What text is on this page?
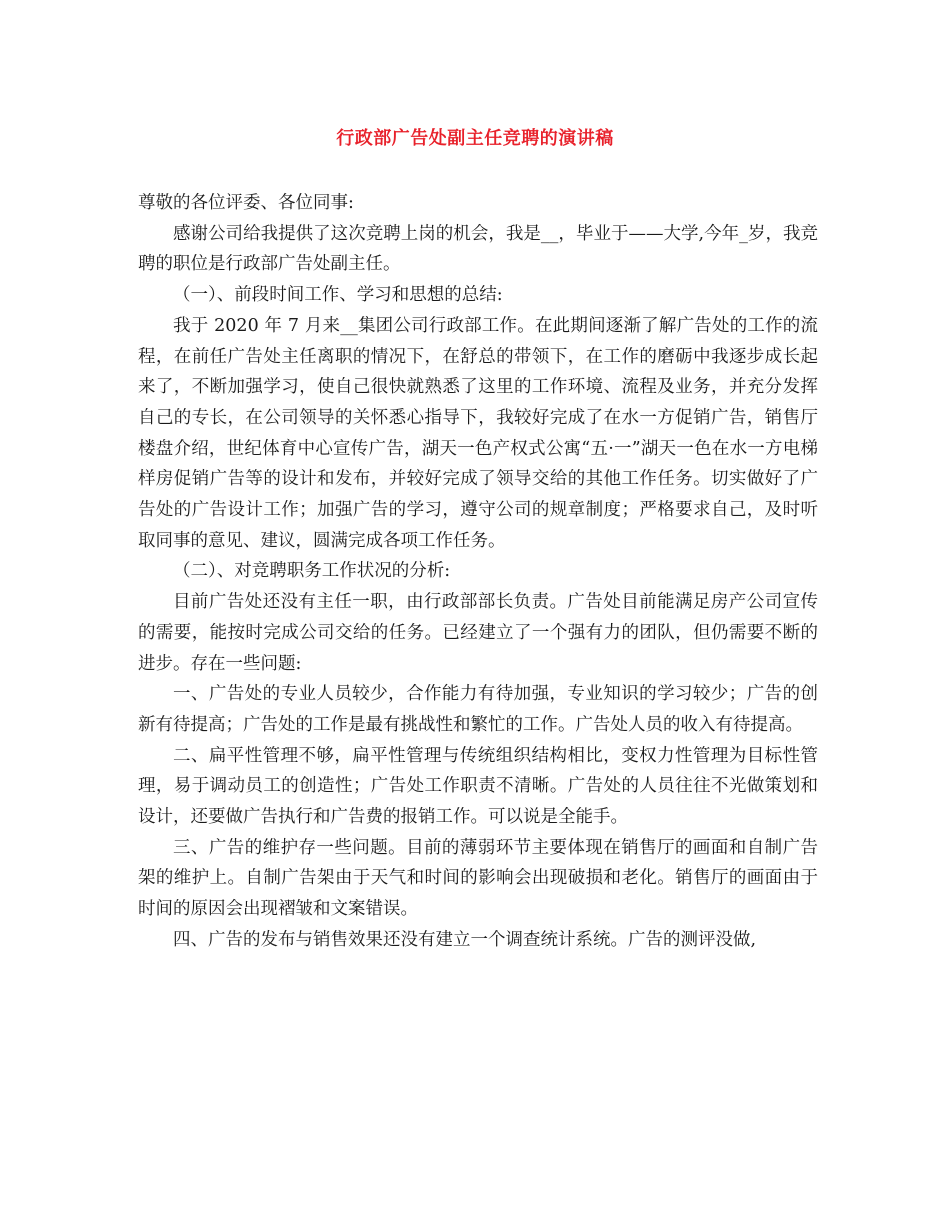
行政部广告处副主任竞聘的演讲稿

尊敬的各位评委、各位同事:

感谢公司给我提供了这次竞聘上岗的机会，我是__，毕业于——大学,今年_岁，我竞聘的职位是行政部广告处副主任。

（一）、前段时间工作、学习和思想的总结:

我于 2020 年 7 月来__集团公司行政部工作。在此期间逐渐了解广告处的工作的流程，在前任广告处主任离职的情况下，在舒总的带领下，在工作的磨砺中我逐步成长起来了，不断加强学习，使自己很快就熟悉了这里的工作环境、流程及业务，并充分发挥自己的专长，在公司领导的关怀悉心指导下，我较好完成了在水一方促销广告，销售厅楼盘介绍，世纪体育中心宣传广告，湖天一色产权式公寓“五·一”湖天一色在水一方电梯样房促销广告等的设计和发布，并较好完成了领导交给的其他工作任务。切实做好了广告处的广告设计工作；加强广告的学习，遵守公司的规章制度；严格要求自己，及时听取同事的意见、建议，圆满完成各项工作任务。

（二）、对竞聘职务工作状况的分析:

目前广告处还没有主任一职，由行政部部长负责。广告处目前能满足房产公司宣传的需要，能按时完成公司交给的任务。已经建立了一个强有力的团队，但仍需要不断的进步。存在一些问题:

一、广告处的专业人员较少，合作能力有待加强，专业知识的学习较少；广告的创新有待提高；广告处的工作是最有挑战性和繁忙的工作。广告处人员的收入有待提高。

二、扁平性管理不够，扁平性管理与传统组织结构相比，变权力性管理为目标性管理，易于调动员工的创造性；广告处工作职责不清晰。广告处的人员往往不光做策划和设计，还要做广告执行和广告费的报销工作。可以说是全能手。

三、广告的维护存一些问题。目前的薄弱环节主要体现在销售厅的画面和自制广告架的维护上。自制广告架由于天气和时间的影响会出现破损和老化。销售厅的画面由于时间的原因会出现褶皱和文案错误。

四、广告的发布与销售效果还没有建立一个调查统计系统。广告的测评没做,
